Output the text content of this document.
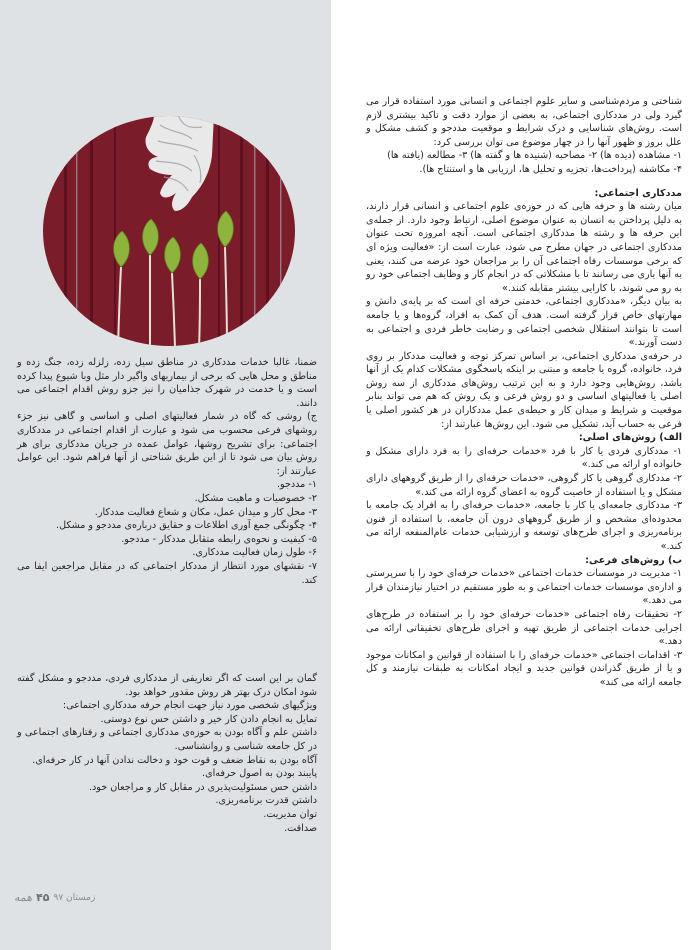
شناختی و مردم‌شناسی و سایر علوم اجتماعی و انسانی مورد استفاده قرار می گیرد ولی در مددکاری اجتماعی، به بعضی از موارد دقت و تاکید بیشتری لازم است. روش‌های شناسایی و درک شرایط و موقعیت مددجو و کشف مشکل و علل بروز و ظهور آنها را در چهار موضوع می توان بررسی کرد:

۱- مشاهده (دیده ها) ۲- مصاحبه (شنیده ها و گفته ها) ۳- مطالعه (یافته ها)

۴- مکاشفه (پرداخت‌ها، تجزیه و تحلیل ها، ارزیابی ها و استنتاج ها).

مددکاری اجتماعی:

میان رشته ها و حرفه هایی که در حوزه‌ی علوم اجتماعی و انسانی قرار دارند، به دلیل پرداختن به انسان به عنوان موضوع اصلی، ارتباط وجود دارد. از جمله‌ی این حرفه ها و رشته ها مددکاری اجتماعی است. آنچه امروزه تحت عنوان مددکاری اجتماعی در جهان مطرح می شود، عبارت است از: «فعالیت ویژه ای که برخی موسسات رفاه اجتماعی آن را بر مراجعان خود عرضه می کنند، یعنی به آنها یاری می رسانند تا با مشکلاتی که در انجام کار و وظایف اجتماعی خود رو به رو می شوند، با کارایی بیشتر مقابله کنند.»

به بیان دیگر، «مددکاری اجتماعی، خدمتی حرفه ای است که بر پایه‌ی دانش و مهارتهای خاص قرار گرفته است. هدف آن کمک به افراد، گروه‌ها و یا جامعه است تا بتوانند استقلال شخصی اجتماعی و رضایت خاطر فردی و اجتماعی به دست آورند.»

در حرفه‌ی مددکاری اجتماعی، بر اساس تمرکز توجه و فعالیت مددکار بر روی فرد، خانواده، گروه یا جامعه و مبتنی بر اینکه پاسخگوی مشکلات کدام یک از آنها باشد، روش‌هایی وجود دارد و به این ترتیب روش‌های مددکاری از سه روش اصلی یا فعالیتهای اساسی و دو روش فرعی و یک روش که هم می تواند بنابر موقعیت و شرایط و میدان کار و حیطه‌ی عمل مددکاران در هر کشور اصلی یا فرعی به حساب آید، تشکیل می شود. این روش‌ها عبارتند از:

الف) روش‌های اصلی:

۱- مددکاری فردی یا کار با فرد «خدمات حرفه‌ای را به فرد دارای مشکل و خانواده او ارائه می کند.»

۲- مددکاری گروهی یا کار گروهی، «خدمات حرفه‌ای را از طریق گروههای دارای مشکل و یا استفاده از خاصیت گروه به اعضای گروه ارائه می کند.»

۳- مددکاری جامعه‌ای یا کار با جامعه، «خدمات حرفه‌ای را به افراد یک جامعه با محدوده‌ای مشخص و از طریق گروههای درون آن جامعه، با استفاده از فنون برنامه‌ریزی و اجرای طرح‌های توسعه و ارزشیابی خدمات عام‌المنفعه ارائه می کند.»

ب) روش‌های فرعی:

۱- مدیریت در موسسات خدمات اجتماعی «خدمات حرفه‌ای خود را با سرپرستی و اداره‌ی موسسات خدمات اجتماعی و به طور مستقیم در اختیار نیازمندان قرار می دهد.»

۲- تحقیقات رفاه اجتماعی «خدمات حرفه‌ای خود را بر استفاده در طرح‌های اجرایی خدمات اجتماعی از طریق تهیه و اجرای طرح‌های تحقیقاتی ارائه می دهد.»

۳- اقدامات اجتماعی «خدمات حرفه‌ای را با استفاده از قوانین و امکانات موجود و یا از طریق گذراندن قوانین جدید و ایجاد امکانات به طبقات نیازمند و کل جامعه ارائه می کند»

ضمنا، غالبا خدمات مددکاری در مناطق سیل زده، زلزله زده، جنگ زده و مناطق و محل هایی که برخی از بیماریهای واگیر دار مثل وبا شیوع پیدا کرده است و یا خدمت در شهرک جذامیان را نیز جزو روش اقدام اجتماعی می دانند.

ج) روشی که گاه در شمار فعالیتهای اصلی و اساسی و گاهی نیز جزء روشهای فرعی محسوب می شود و عبارت از اقدام اجتماعی در مددکاری اجتماعی: برای تشریح روشها، عوامل عمده در جریان مددکاری برای هر روش بیان می شود تا از این طریق شناختی از آنها فراهم شود. این عوامل عبارتند از:

۱- مددجو.

۲- خصوصیات و ماهیت مشکل.

۳- محل کار و میدان عمل، مکان و شعاع فعالیت مددکار.

۴- چگونگی جمع آوری اطلاعات و حقایق درباره‌ی مددجو و مشکل.

۵- کیفیت و نحوه‌ی رابطه متقابل مددکار - مددجو.

۶- طول زمان فعالیت مددکاری.

۷- نقشهای مورد انتظار از مددکار اجتماعی که در مقابل مراجعین ایفا می کند.

گمان بر این است که اگر تعاریفی از مددکاری فردی، مددجو و مشکل گفته شود امکان درک بهتر هر روش مقدور خواهد بود.

ویژگیهای شخصی مورد نیاز جهت انجام حرفه مددکاری اجتماعی:

تمایل به انجام دادن کار خیر و داشتن حس نوع دوستی.

داشتن علم و آگاه بودن به حوزه‌ی مددکاری اجتماعی و رفتارهای اجتماعی و در کل جامعه شناسی و روانشناسی.

آگاه بودن به نقاط ضعف و قوت خود و دخالت ندادن آنها در کار حرفه‌ای.

پایبند بودن به اصول حرفه‌ای.

داشتن حس مسئولیت‌پذیری در مقابل کار و مراجعان خود.

داشتن قدرت برنامه‌ریزی.

توان مدیریت.

صداقت.

همه ۴۵ زمستان ۹۷
